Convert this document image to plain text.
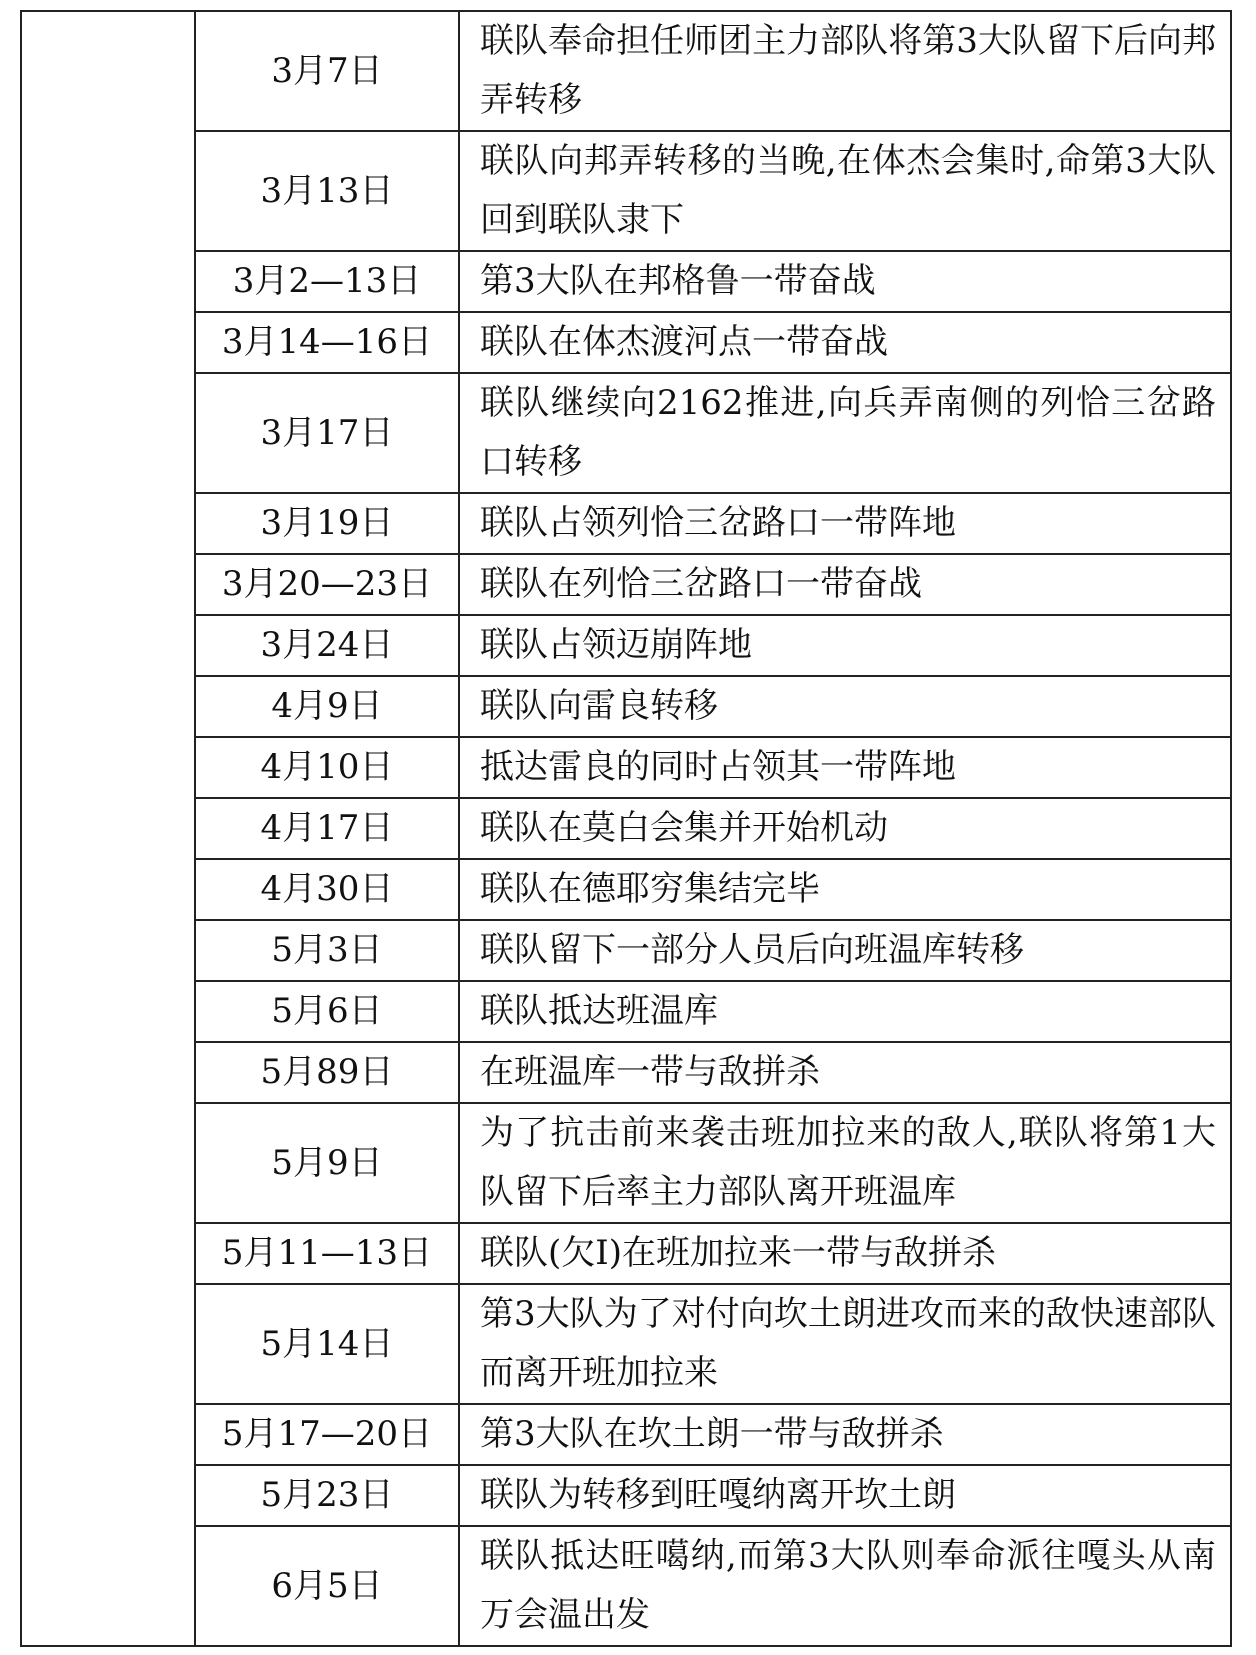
	3月7日	联队奉命担任师团主力部队将第3大队留下后向邦弄转移
	3月13日	联队向邦弄转移的当晚,在体杰会集时,命第3大队回到联队隶下
	3月2—13日	第3大队在邦格鲁一带奋战
	3月14—16日	联队在体杰渡河点一带奋战
	3月17日	联队继续向2162推进,向兵弄南侧的列恰三岔路口转移
	3月19日	联队占领列恰三岔路口一带阵地
	3月20—23日	联队在列恰三岔路口一带奋战
	3月24日	联队占领迈崩阵地
	4月9日	联队向雷良转移
	4月10日	抵达雷良的同时占领其一带阵地
	4月17日	联队在莫白会集并开始机动
	4月30日	联队在德耶穷集结完毕
	5月3日	联队留下一部分人员后向班温库转移
	5月6日	联队抵达班温库
	5月89日	在班温库一带与敌拼杀
	5月9日	为了抗击前来袭击班加拉来的敌人,联队将第1大队留下后率主力部队离开班温库
	5月11—13日	联队(欠I)在班加拉来一带与敌拼杀
	5月14日	第3大队为了对付向坎土朗进攻而来的敌快速部队而离开班加拉来
	5月17—20日	第3大队在坎土朗一带与敌拼杀
	5月23日	联队为转移到旺嘎纳离开坎土朗
	6月5日	联队抵达旺噶纳,而第3大队则奉命派往嘎头从南万会温出发
